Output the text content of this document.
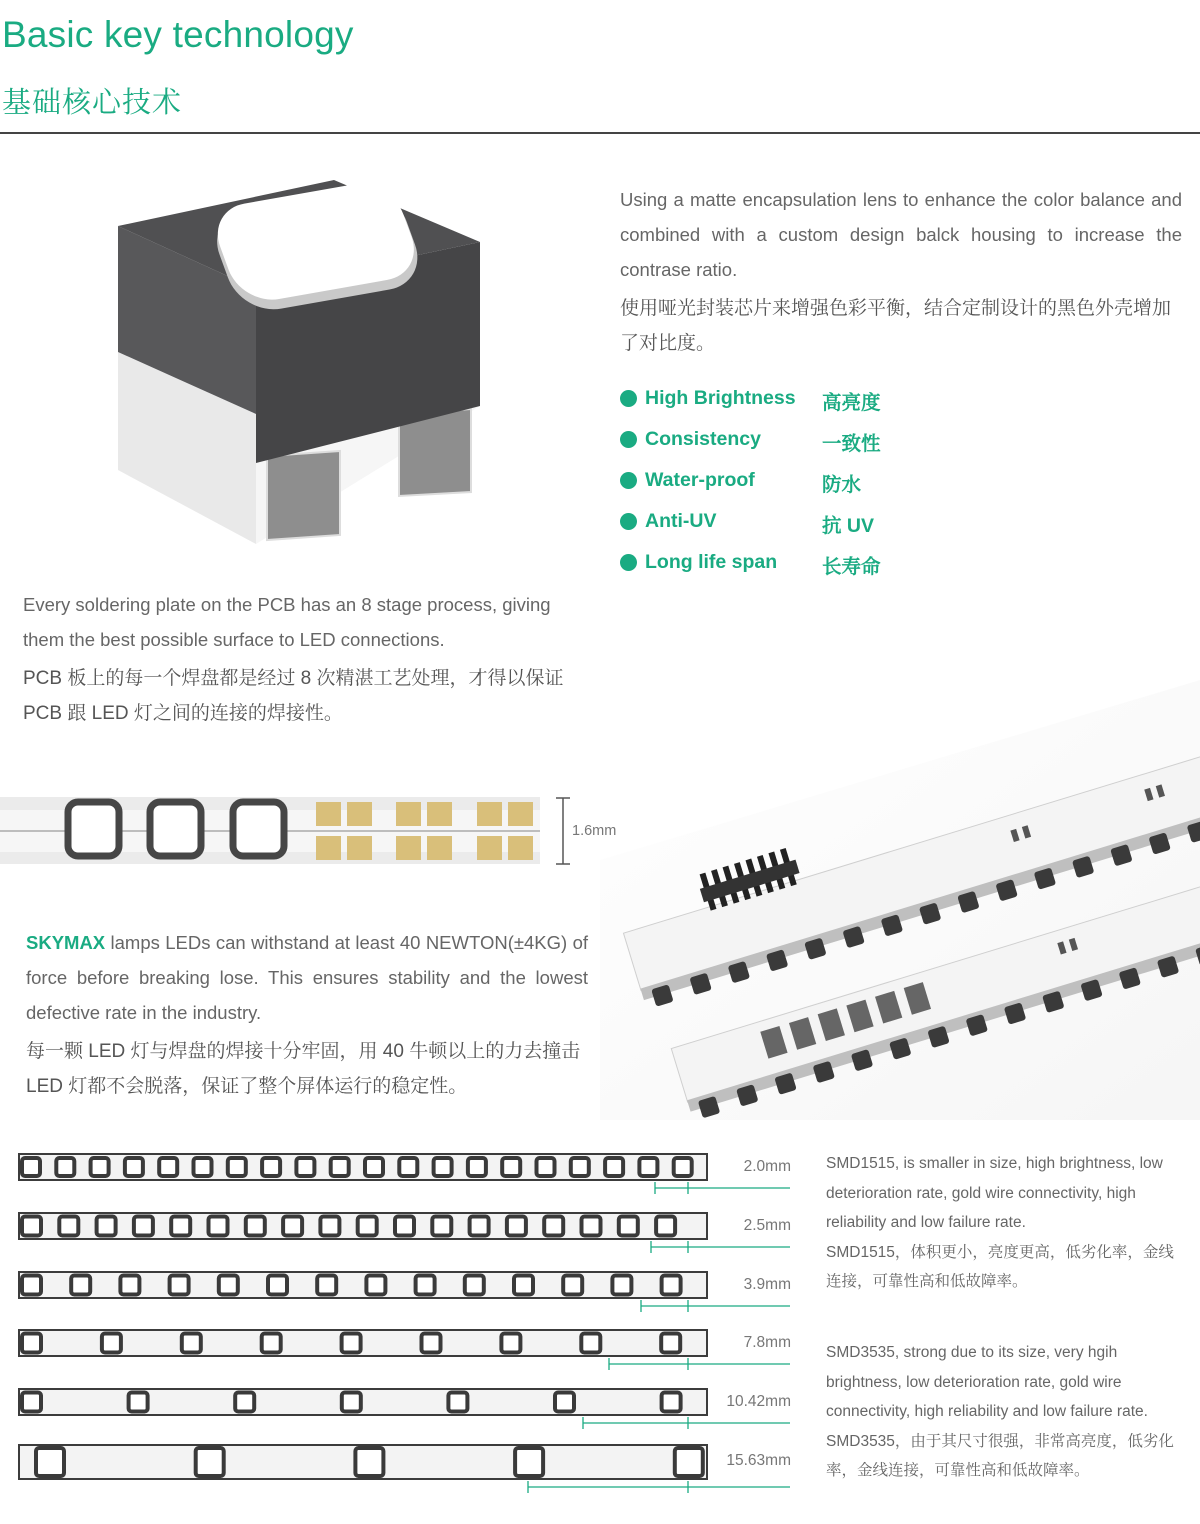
Basic key technology
基础核心技术

Using a matte encapsulation lens to enhance the color balance and combined with a custom design balck housing to increase the contrase ratio.

使用哑光封装芯片来增强色彩平衡，结合定制设计的黑色外壳增加了对比度。

High Brightness 高亮度
Consistency	一致性
Water-proof	防水
Anti-UV	抗 UV
Long life span 长寿命

Every soldering plate on the PCB has an 8 stage process, giving them the best possible surface to LED connections.

PCB 板上的每一个焊盘都是经过 8 次精湛工艺处理，才得以保证 PCB 跟 LED 灯之间的连接的焊接性。

1.6mm

SKYMAX lamps LEDs can withstand at least 40 NEWTON(±4KG) of force before breaking lose. This ensures stability and the lowest defective rate in the industry.

每一颗 LED 灯与焊盘的焊接十分牢固，用 40 牛顿以上的力去撞击 LED 灯都不会脱落，保证了整个屏体运行的稳定性。

2.0mm
2.5mm
3.9mm
7.8mm
10.42mm
15.63mm

SMD1515, is smaller in size, high brightness, low deterioration rate, gold wire connectivity, high reliability and low failure rate.

SMD1515，体积更小，亮度更高，低劣化率，金线连接，可靠性高和低故障率。

SMD3535, strong due to its size, very hgih brightness, low deterioration rate, gold wire connectivity, high reliability and low failure rate.

SMD3535，由于其尺寸很强，非常高亮度，低劣化率，金线连接，可靠性高和低故障率。
